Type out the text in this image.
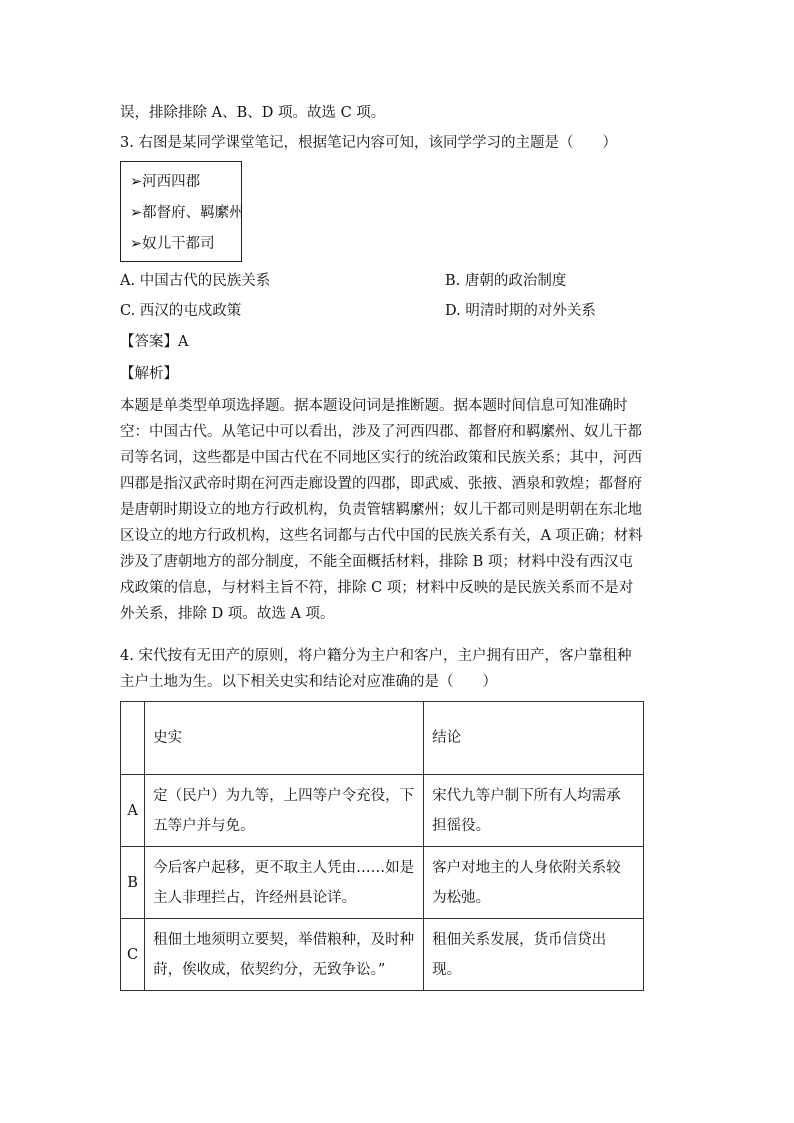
误，排除排除 A、B、D 项。故选 C 项。
3. 右图是某同学课堂笔记，根据笔记内容可知，该同学学习的主题是（　　）
➢河西四郡
➢都督府、羁縻州
➢奴儿干都司
A. 中国古代的民族关系	B. 唐朝的政治制度
C. 西汉的屯戍政策	D. 明清时期的对外关系
【答案】A
【解析】
本题是单类型单项选择题。据本题设问词是推断题。据本题时间信息可知准确时空：中国古代。从笔记中可以看出，涉及了河西四郡、都督府和羁縻州、奴儿干都司等名词，这些都是中国古代在不同地区实行的统治政策和民族关系；其中，河西四郡是指汉武帝时期在河西走廊设置的四郡，即武威、张掖、酒泉和敦煌；都督府是唐朝时期设立的地方行政机构，负责管辖羁縻州；奴儿干都司则是明朝在东北地区设立的地方行政机构，这些名词都与古代中国的民族关系有关，A 项正确；材料涉及了唐朝地方的部分制度，不能全面概括材料，排除 B 项；材料中没有西汉屯戍政策的信息，与材料主旨不符，排除 C 项；材料中反映的是民族关系而不是对外关系，排除 D 项。故选 A 项。
4. 宋代按有无田产的原则，将户籍分为主户和客户，主户拥有田产，客户靠租种主户土地为生。以下相关史实和结论对应准确的是（　　）
	史实	结论
A	定（民户）为九等，上四等户令充役，下五等户并与免。	宋代九等户制下所有人均需承担徭役。
B	今后客户起移，更不取主人凭由……如是主人非理拦占，许经州县论详。	客户对地主的人身依附关系较为松弛。
C	租佃土地须明立要契，举借粮种，及时种莳，俟收成，依契约分，无致争讼。”	租佃关系发展，货币信贷出现。
